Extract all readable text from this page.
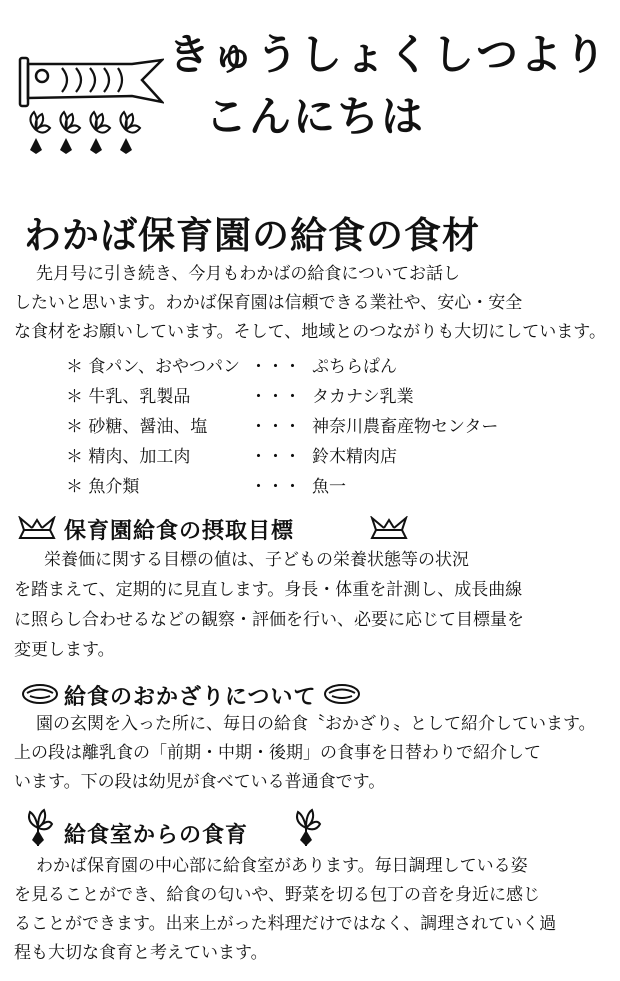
きゅうしょくしつより
こんにちは
わかば保育園の給食の食材
先月号に引き続き、今月もわかばの給食についてお話し
したいと思います。わかば保育園は信頼できる業社や、安心・安全
な食材をお願いしています。そして、地域とのつながりも大切にしています。
＊ 食パン、おやつパン ・・・ ぷちらぱん
＊ 牛乳、乳製品	・・・ タカナシ乳業
＊ 砂糖、醤油、塩	・・・ 神奈川農畜産物センター
＊ 精肉、加工肉	・・・ 鈴木精肉店
＊ 魚介類	・・・ 魚一
保育園給食の摂取目標
栄養価に関する目標の値は、子どもの栄養状態等の状況
を踏まえて、定期的に見直します。身長・体重を計測し、成長曲線
に照らし合わせるなどの観察・評価を行い、必要に応じて目標量を
変更します。
給食のおかざりについて
園の玄関を入った所に、毎日の給食〝おかざり〟として紹介しています。
上の段は離乳食の「前期・中期・後期」の食事を日替わりで紹介して
います。下の段は幼児が食べている普通食です。
給食室からの食育
わかば保育園の中心部に給食室があります。毎日調理している姿
を見ることができ、給食の匂いや、野菜を切る包丁の音を身近に感じ
ることができます。出来上がった料理だけではなく、調理されていく過
程も大切な食育と考えています。
